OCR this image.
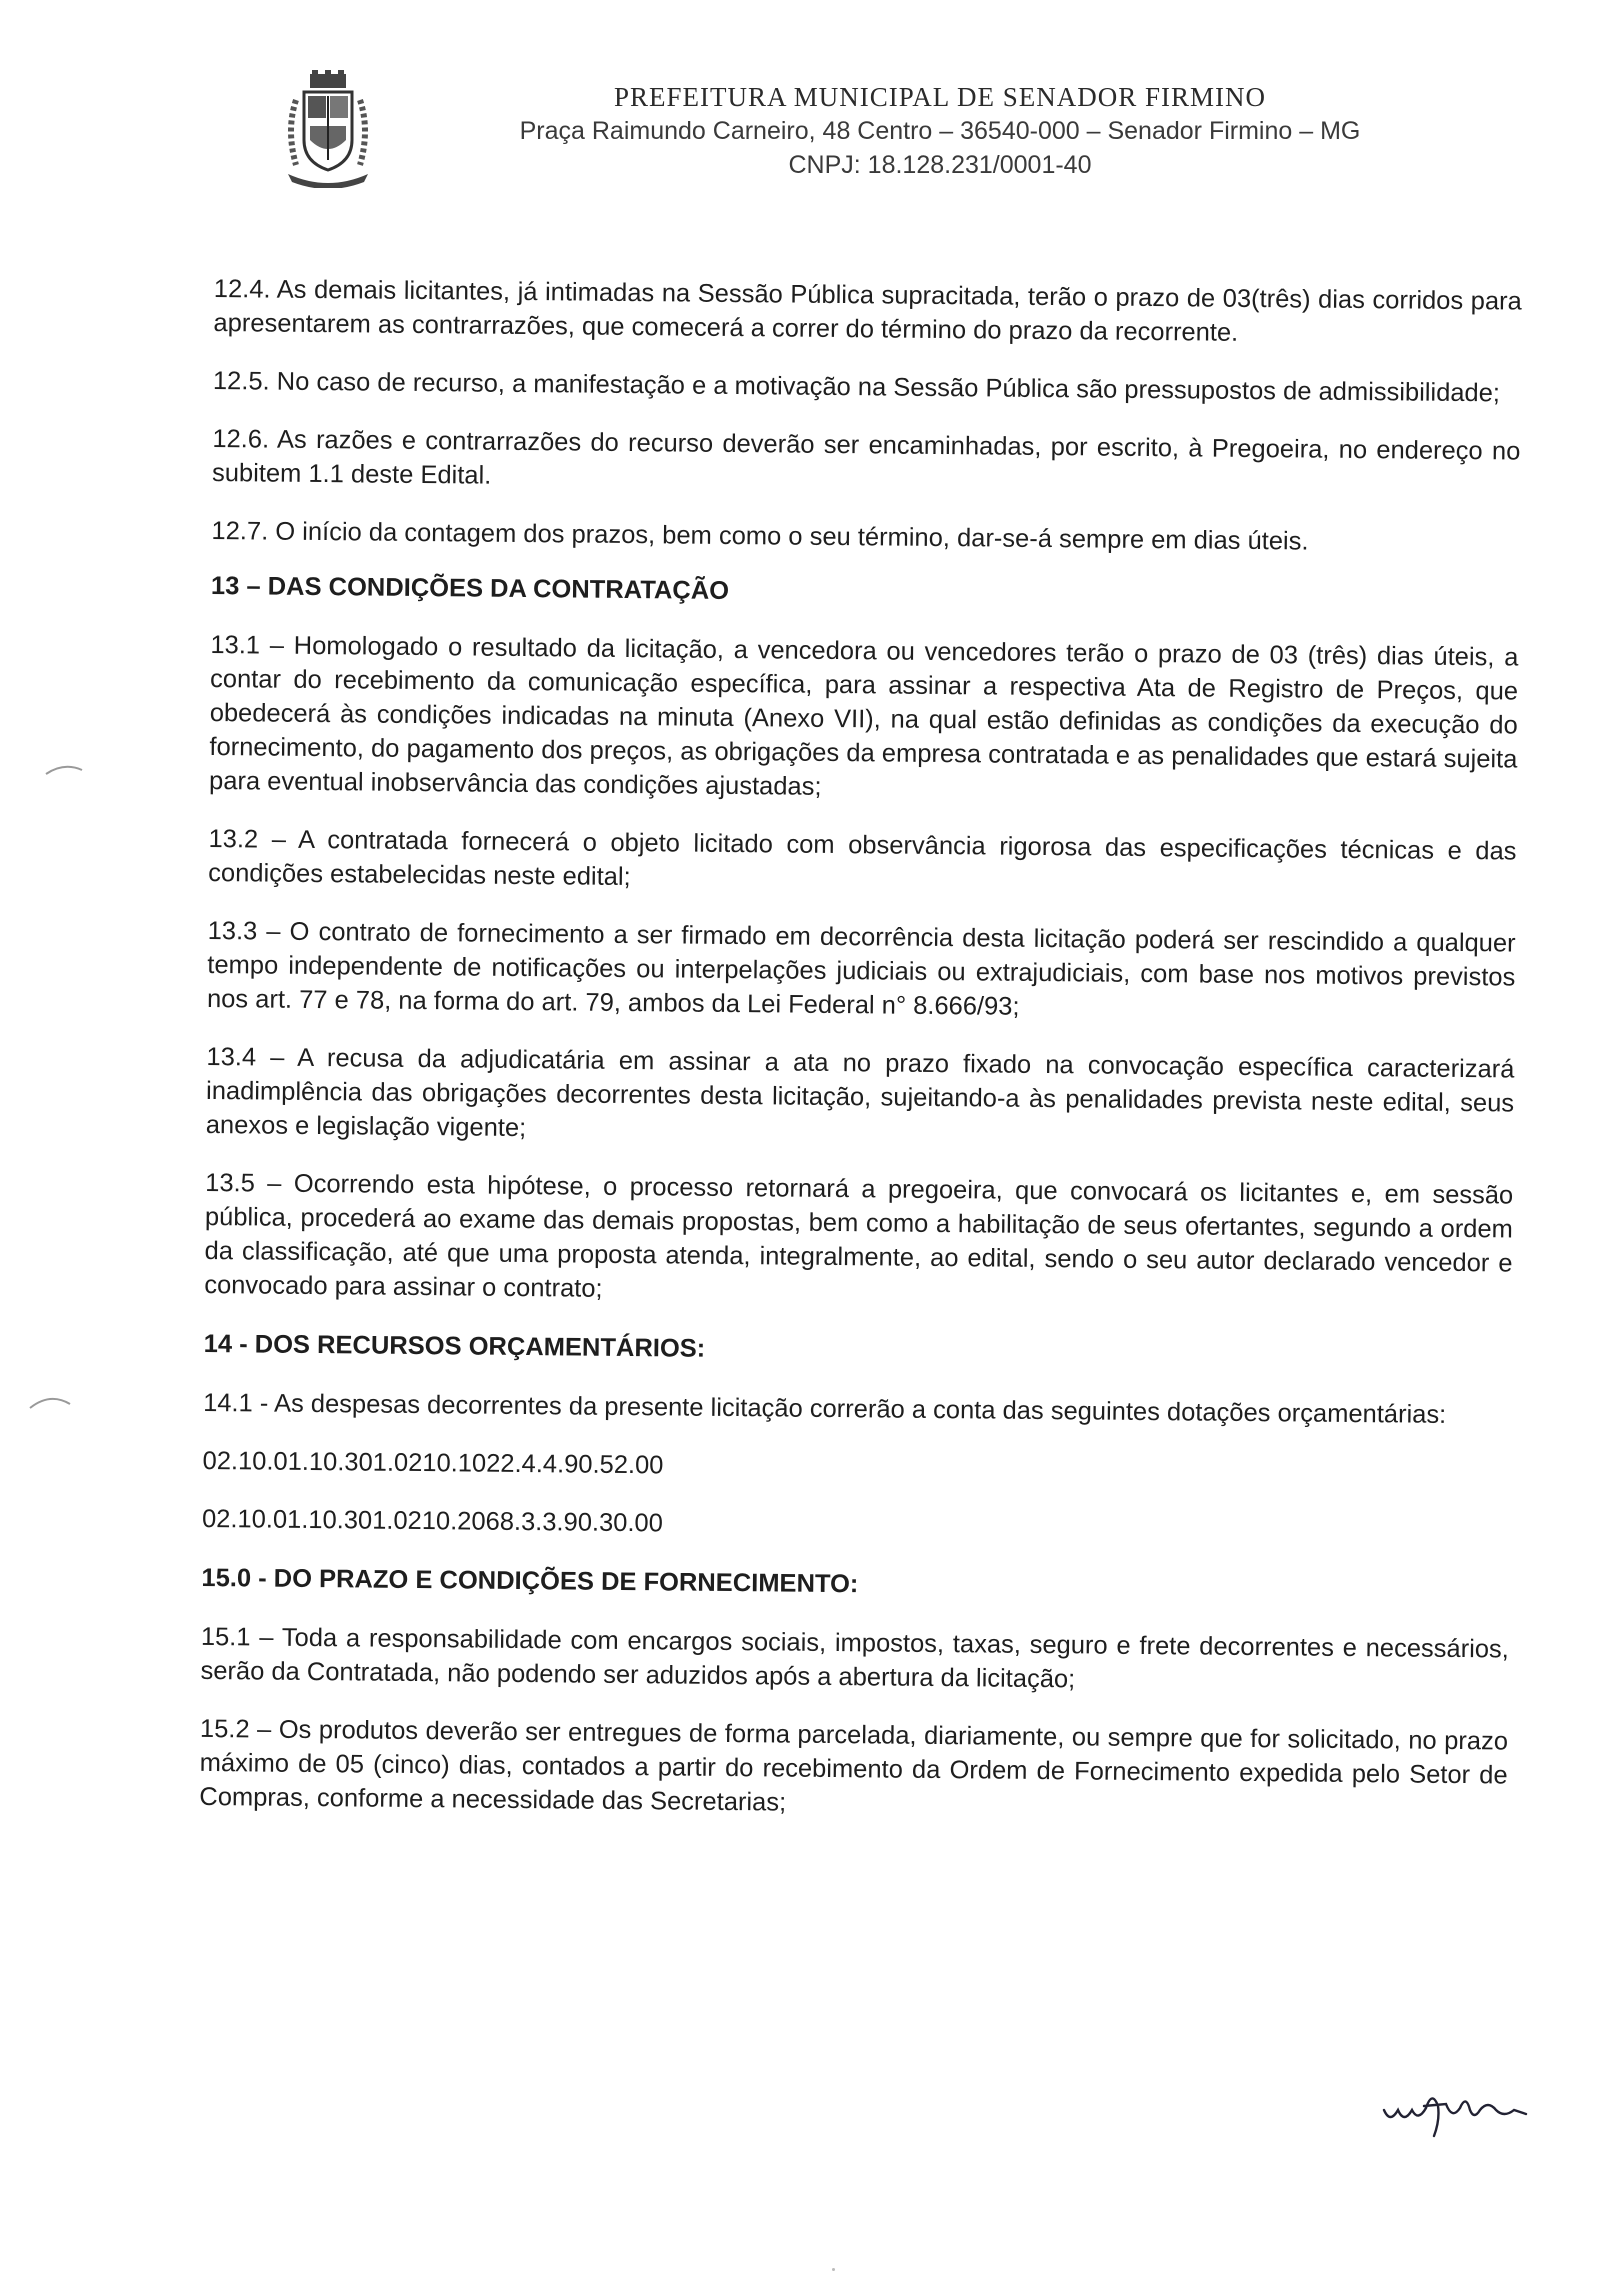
PREFEITURA MUNICIPAL DE SENADOR FIRMINO
Praça Raimundo Carneiro, 48 Centro – 36540-000 – Senador Firmino – MG
CNPJ: 18.128.231/0001-40

12.4. As demais licitantes, já intimadas na Sessão Pública supracitada, terão o prazo de 03(três) dias corridos para apresentarem as contrarrazões, que comecerá a correr do término do prazo da recorrente.

12.5. No caso de recurso, a manifestação e a motivação na Sessão Pública são pressupostos de admissibilidade;

12.6. As razões e contrarrazões do recurso deverão ser encaminhadas, por escrito, à Pregoeira, no endereço no subitem 1.1 deste Edital.

12.7. O início da contagem dos prazos, bem como o seu término, dar-se-á sempre em dias úteis.

13 – DAS CONDIÇÕES DA CONTRATAÇÃO

13.1 – Homologado o resultado da licitação, a vencedora ou vencedores terão o prazo de 03 (três) dias úteis, a contar do recebimento da comunicação específica, para assinar a respectiva Ata de Registro de Preços, que obedecerá às condições indicadas na minuta (Anexo VII), na qual estão definidas as condições da execução do fornecimento, do pagamento dos preços, as obrigações da empresa contratada e as penalidades que estará sujeita para eventual inobservância das condições ajustadas;

13.2 – A contratada fornecerá o objeto licitado com observância rigorosa das especificações técnicas e das condições estabelecidas neste edital;

13.3 – O contrato de fornecimento a ser firmado em decorrência desta licitação poderá ser rescindido a qualquer tempo independente de notificações ou interpelações judiciais ou extrajudiciais, com base nos motivos previstos nos art. 77 e 78, na forma do art. 79, ambos da Lei Federal n° 8.666/93;

13.4 – A recusa da adjudicatária em assinar a ata no prazo fixado na convocação específica caracterizará inadimplência das obrigações decorrentes desta licitação, sujeitando-a às penalidades prevista neste edital, seus anexos e legislação vigente;

13.5 – Ocorrendo esta hipótese, o processo retornará a pregoeira, que convocará os licitantes e, em sessão pública, procederá ao exame das demais propostas, bem como a habilitação de seus ofertantes, segundo a ordem da classificação, até que uma proposta atenda, integralmente, ao edital, sendo o seu autor declarado vencedor e convocado para assinar o contrato;

14 - DOS RECURSOS ORÇAMENTÁRIOS:

14.1 - As despesas decorrentes da presente licitação correrão a conta das seguintes dotações orçamentárias:

02.10.01.10.301.0210.1022.4.4.90.52.00

02.10.01.10.301.0210.2068.3.3.90.30.00

15.0 - DO PRAZO E CONDIÇÕES DE FORNECIMENTO:

15.1 – Toda a responsabilidade com encargos sociais, impostos, taxas, seguro e frete decorrentes e necessários, serão da Contratada, não podendo ser aduzidos após a abertura da licitação;

15.2 – Os produtos deverão ser entregues de forma parcelada, diariamente, ou sempre que for solicitado, no prazo máximo de 05 (cinco) dias, contados a partir do recebimento da Ordem de Fornecimento expedida pelo Setor de Compras, conforme a necessidade das Secretarias;
